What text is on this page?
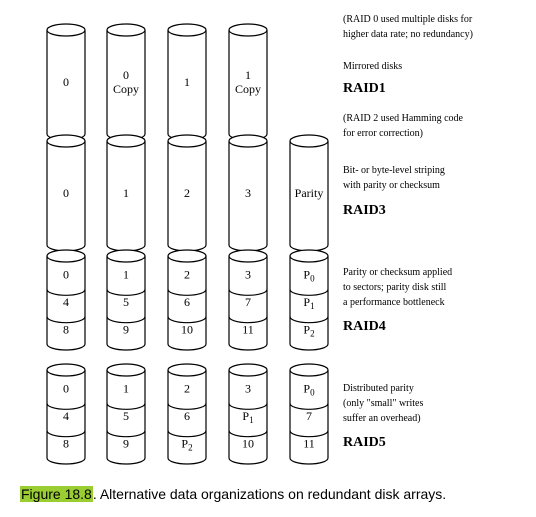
0	0
Copy	1	1
Copy
0	1	2	3	Parity
0
4
8
1
5
9
2
6
10
3
7
11
$P_0$
$P_1$
$P_2$
0
4
8
1
5
9
2
6
$P_2$
3
$P_1$
10
$P_0$
7
11
(RAID 0 used multiple disks for
higher data rate; no redundancy)
Mirrored disks
RAID1
(RAID 2 used Hamming code
for error correction)
Bit- or byte-level striping
with parity or checksum
RAID3
Parity or checksum applied
to sectors; parity disk still
a performance bottleneck
RAID4
Distributed parity
(only "small" writes
suffer an overhead)
RAID5
Figure 18.8. Alternative data organizations on redundant disk arrays.
